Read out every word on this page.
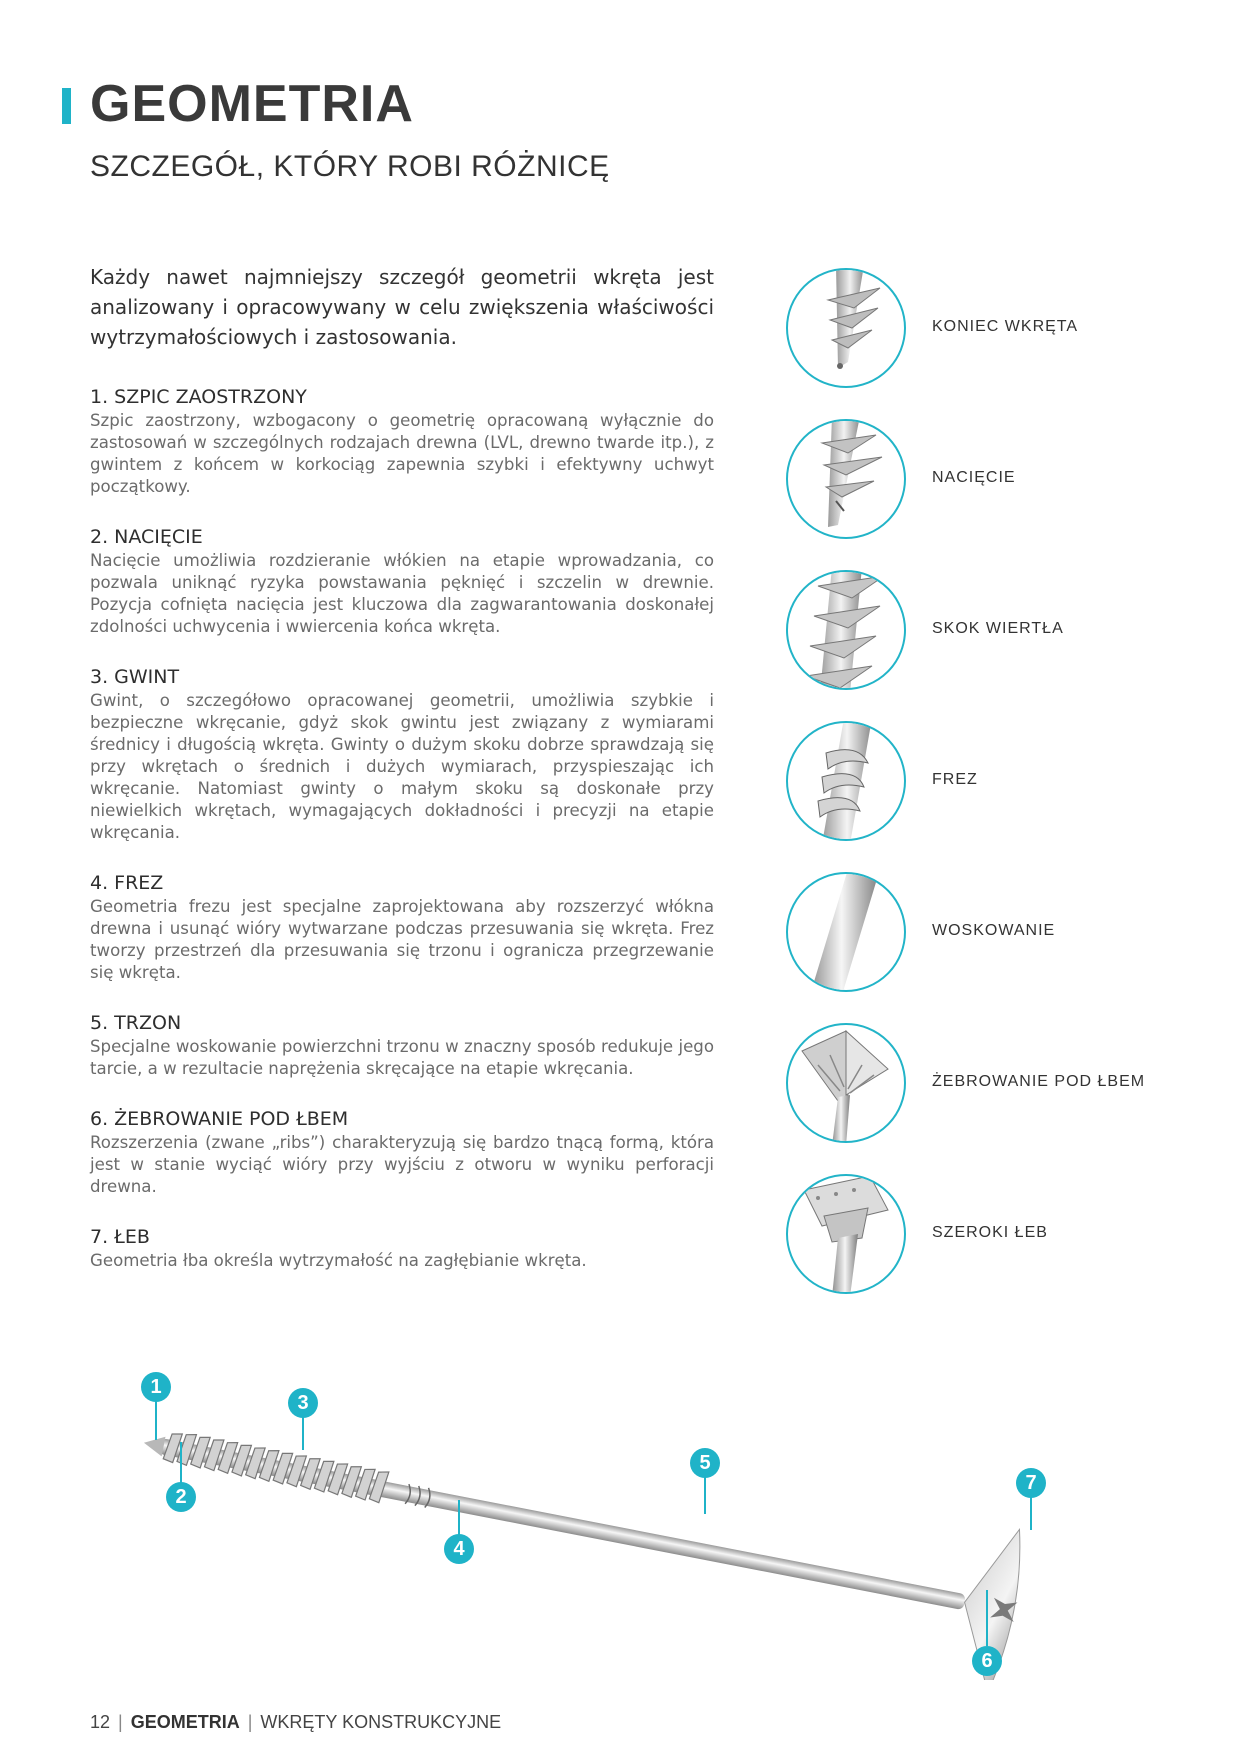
GEOMETRIA
SZCZEGÓŁ, KTÓRY ROBI RÓŻNICĘ

Każdy nawet najmniejszy szczegół geometrii wkręta jest analizowany i opracowywany w celu zwiększenia właściwości wytrzymałościowych i zastosowania.

1. SZPIC ZAOSTRZONY

Szpic zaostrzony, wzbogacony o geometrię opracowaną wyłącznie do zastosowań w szczególnych rodzajach drewna (LVL, drewno twarde itp.), z gwintem z końcem w korkociąg zapewnia szybki i efektywny uchwyt początkowy.

2. NACIĘCIE

Nacięcie umożliwia rozdzieranie włókien na etapie wprowadzania, co pozwala uniknąć ryzyka powstawania pęknięć i szczelin w drewnie. Pozycja cofnięta nacięcia jest kluczowa dla zagwarantowania doskonałej zdolności uchwycenia i wwiercenia końca wkręta.

3. GWINT

Gwint, o szczegółowo opracowanej geometrii, umożliwia szybkie i bezpieczne wkręcanie, gdyż skok gwintu jest związany z wymiarami średnicy i długością wkręta. Gwinty o dużym skoku dobrze sprawdzają się przy wkrętach o średnich i dużych wymiarach, przyspieszając ich wkręcanie. Natomiast gwinty o małym skoku są doskonałe przy niewielkich wkrętach, wymagających dokładności i precyzji na etapie wkręcania.

4. FREZ

Geometria frezu jest specjalne zaprojektowana aby rozszerzyć włókna drewna i usunąć wióry wytwarzane podczas przesuwania się wkręta. Frez tworzy przestrzeń dla przesuwania się trzonu i ogranicza przegrzewanie się wkręta.

5. TRZON

Specjalne woskowanie powierzchni trzonu w znaczny sposób redukuje jego tarcie, a w rezultacie naprężenia skręcające na etapie wkręcania.

6. ŻEBROWANIE POD ŁBEM

Rozszerzenia (zwane „ribs”) charakteryzują się bardzo tnącą formą, która jest w stanie wyciąć wióry przy wyjściu z otworu w wyniku perforacji drewna.

7. ŁEB

Geometria łba określa wytrzymałość na zagłębianie wkręta.

KONIEC WKRĘTA
NACIĘCIE
SKOK WIERTŁA
FREZ
WOSKOWANIE
ŻEBROWANIE POD ŁBEM
SZEROKI ŁEB
1
2
3
4
5
6
7
12 | GEOMETRIA | WKRĘTY KONSTRUKCYJNE
